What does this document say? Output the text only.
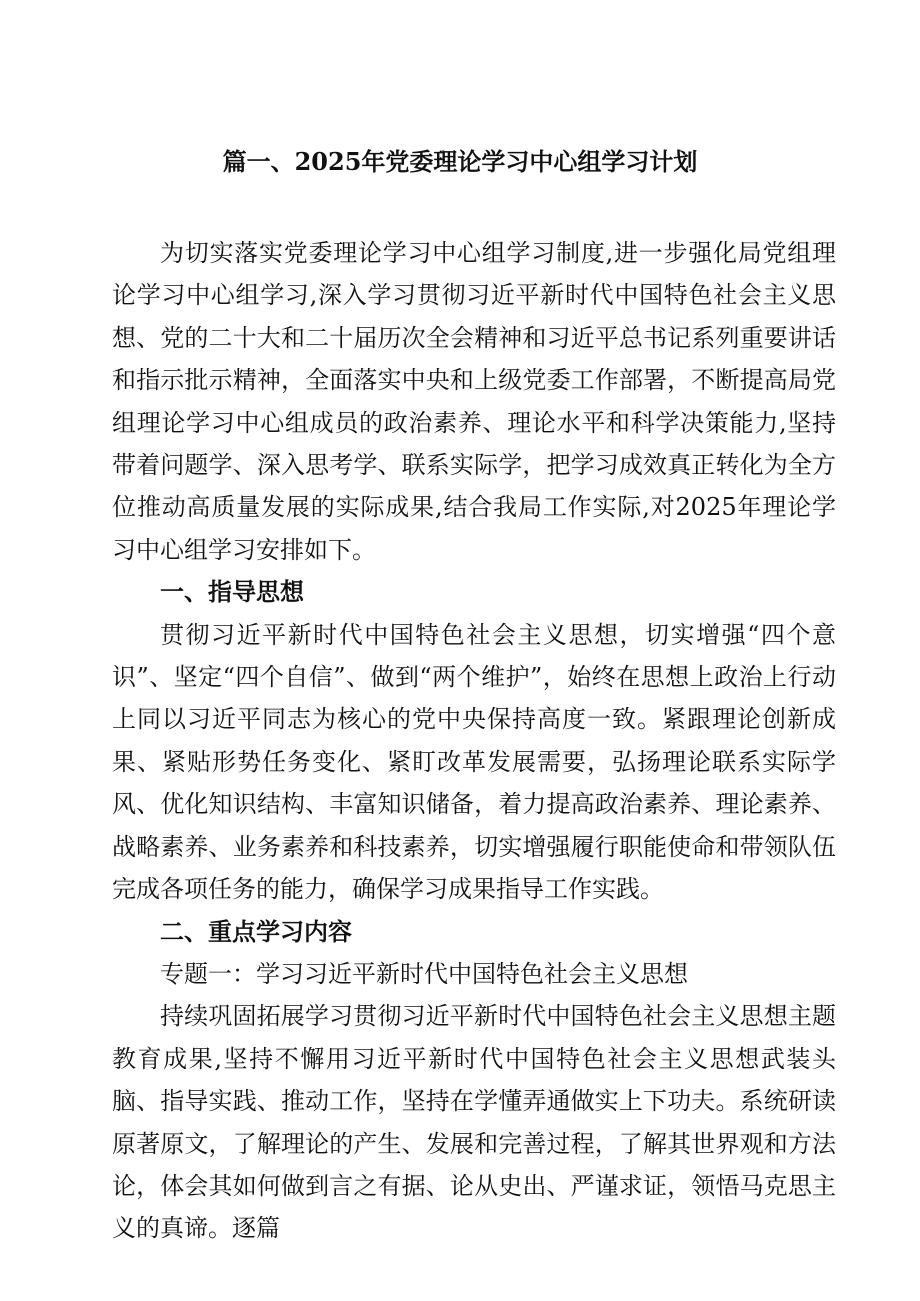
篇一、2025年党委理论学习中心组学习计划

为切实落实党委理论学习中心组学习制度,进一步强化局党组理论学习中心组学习,深入学习贯彻习近平新时代中国特色社会主义思想、党的二十大和二十届历次全会精神和习近平总书记系列重要讲话和指示批示精神，全面落实中央和上级党委工作部署，不断提高局党组理论学习中心组成员的政治素养、理论水平和科学决策能力,坚持带着问题学、深入思考学、联系实际学，把学习成效真正转化为全方位推动高质量发展的实际成果,结合我局工作实际,对2025年理论学习中心组学习安排如下。

一、指导思想

贯彻习近平新时代中国特色社会主义思想，切实增强“四个意识”、坚定“四个自信”、做到“两个维护”，始终在思想上政治上行动上同以习近平同志为核心的党中央保持高度一致。紧跟理论创新成果、紧贴形势任务变化、紧盯改革发展需要，弘扬理论联系实际学风、优化知识结构、丰富知识储备，着力提高政治素养、理论素养、战略素养、业务素养和科技素养，切实增强履行职能使命和带领队伍完成各项任务的能力，确保学习成果指导工作实践。

二、重点学习内容

专题一：学习习近平新时代中国特色社会主义思想

持续巩固拓展学习贯彻习近平新时代中国特色社会主义思想主题教育成果,坚持不懈用习近平新时代中国特色社会主义思想武装头脑、指导实践、推动工作，坚持在学懂弄通做实上下功夫。系统研读原著原文，了解理论的产生、发展和完善过程，了解其世界观和方法论，体会其如何做到言之有据、论从史出、严谨求证，领悟马克思主义的真谛。逐篇
